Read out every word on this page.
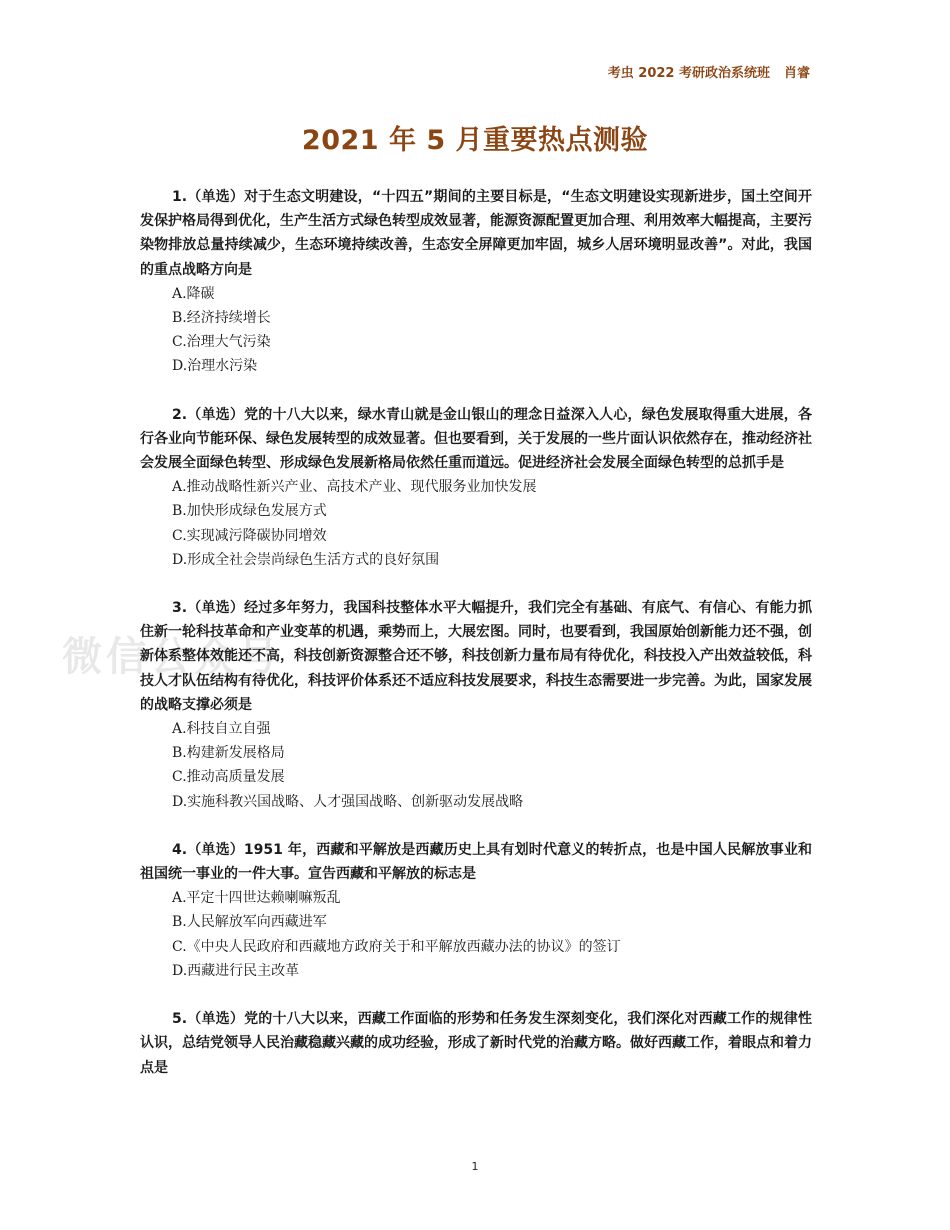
考虫 2022 考研政治系统班 肖睿
2021 年 5 月重要热点测验
微信公众号

1.（单选）对于生态文明建设，“十四五”期间的主要目标是，“生态文明建设实现新进步，国土空间开发保护格局得到优化，生产生活方式绿色转型成效显著，能源资源配置更加合理、利用效率大幅提高，主要污染物排放总量持续减少，生态环境持续改善，生态安全屏障更加牢固，城乡人居环境明显改善”。对此，我国的重点战略方向是

A.降碳
B.经济持续增长
C.治理大气污染
D.治理水污染

2.（单选）党的十八大以来，绿水青山就是金山银山的理念日益深入人心，绿色发展取得重大进展，各行各业向节能环保、绿色发展转型的成效显著。但也要看到，关于发展的一些片面认识依然存在，推动经济社会发展全面绿色转型、形成绿色发展新格局依然任重而道远。促进经济社会发展全面绿色转型的总抓手是

A.推动战略性新兴产业、高技术产业、现代服务业加快发展
B.加快形成绿色发展方式
C.实现减污降碳协同增效
D.形成全社会崇尚绿色生活方式的良好氛围

3.（单选）经过多年努力，我国科技整体水平大幅提升，我们完全有基础、有底气、有信心、有能力抓住新一轮科技革命和产业变革的机遇，乘势而上，大展宏图。同时，也要看到，我国原始创新能力还不强，创新体系整体效能还不高，科技创新资源整合还不够，科技创新力量布局有待优化，科技投入产出效益较低，科技人才队伍结构有待优化，科技评价体系还不适应科技发展要求，科技生态需要进一步完善。为此，国家发展的战略支撑必须是

A.科技自立自强
B.构建新发展格局
C.推动高质量发展
D.实施科教兴国战略、人才强国战略、创新驱动发展战略

4.（单选）1951 年，西藏和平解放是西藏历史上具有划时代意义的转折点，也是中国人民解放事业和祖国统一事业的一件大事。宣告西藏和平解放的标志是

A.平定十四世达赖喇嘛叛乱
B.人民解放军向西藏进军
C.《中央人民政府和西藏地方政府关于和平解放西藏办法的协议》的签订
D.西藏进行民主改革

5.（单选）党的十八大以来，西藏工作面临的形势和任务发生深刻变化，我们深化对西藏工作的规律性认识，总结党领导人民治藏稳藏兴藏的成功经验，形成了新时代党的治藏方略。做好西藏工作，着眼点和着力点是

1
